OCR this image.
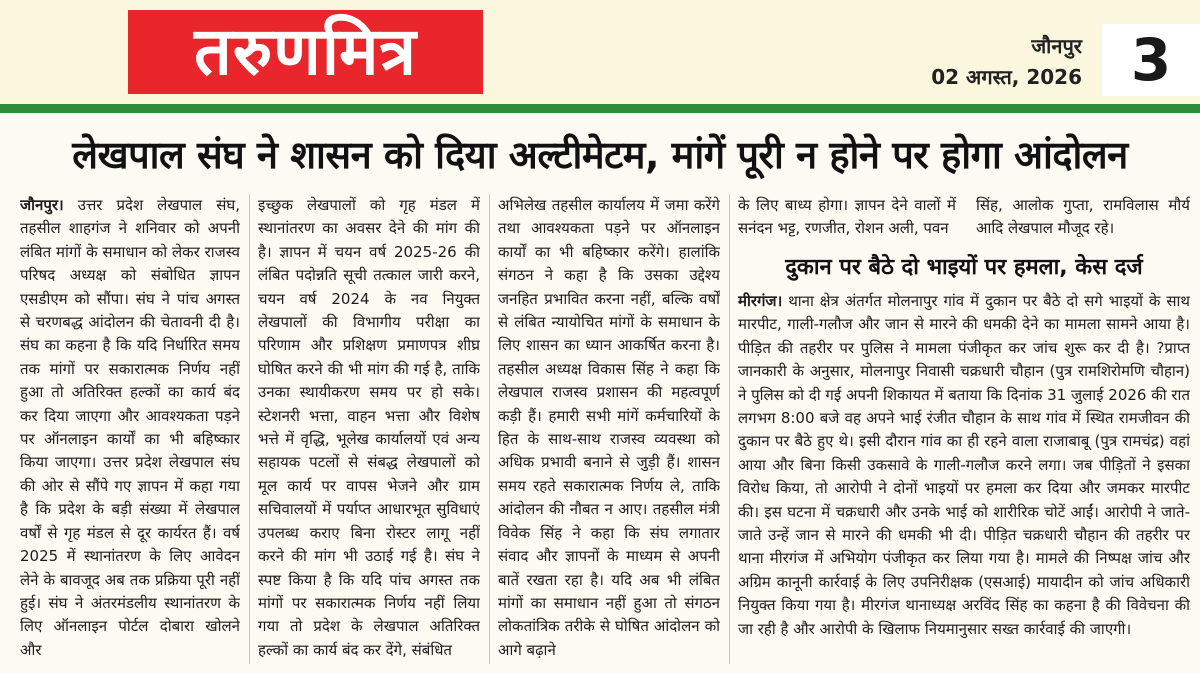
तरुणमित्र	जौनपुर
02 अगस्त, 2026 3
लेखपाल संघ ने शासन को दिया अल्टीमेटम, मांगें पूरी न होने पर होगा आंदोलन

जौनपुर। उत्तर प्रदेश लेखपाल संघ, तहसील शाहगंज ने शनिवार को अपनी लंबित मांगों के समाधान को लेकर राजस्व परिषद अध्यक्ष को संबोधित ज्ञापन एसडीएम को सौंपा। संघ ने पांच अगस्त से चरणबद्ध आंदोलन की चेतावनी दी है। संघ का कहना है कि यदि निर्धारित समय तक मांगों पर सकारात्मक निर्णय नहीं हुआ तो अतिरिक्त हल्कों का कार्य बंद कर दिया जाएगा और आवश्यकता पड़ने पर ऑनलाइन कार्यों का भी बहिष्कार किया जाएगा। उत्तर प्रदेश लेखपाल संघ की ओर से सौंपे गए ज्ञापन में कहा गया है कि प्रदेश के बड़ी संख्या में लेखपाल वर्षों से गृह मंडल से दूर कार्यरत हैं। वर्ष 2025 में स्थानांतरण के लिए आवेदन लेने के बावजूद अब तक प्रक्रिया पूरी नहीं हुई। संघ ने अंतरमंडलीय स्थानांतरण के लिए ऑनलाइन पोर्टल दोबारा खोलने और

इच्छुक लेखपालों को गृह मंडल में स्थानांतरण का अवसर देने की मांग की है। ज्ञापन में चयन वर्ष 2025-26 की लंबित पदोन्नति सूची तत्काल जारी करने, चयन वर्ष 2024 के नव नियुक्त लेखपालों की विभागीय परीक्षा का परिणाम और प्रशिक्षण प्रमाणपत्र शीघ्र घोषित करने की भी मांग की गई है, ताकि उनका स्थायीकरण समय पर हो सके। स्टेशनरी भत्ता, वाहन भत्ता और विशेष भत्ते में वृद्धि, भूलेख कार्यालयों एवं अन्य सहायक पटलों से संबद्ध लेखपालों को मूल कार्य पर वापस भेजने और ग्राम सचिवालयों में पर्याप्त आधारभूत सुविधाएं उपलब्ध कराए बिना रोस्टर लागू नहीं करने की मांग भी उठाई गई है। संघ ने स्पष्ट किया है कि यदि पांच अगस्त तक मांगों पर सकारात्मक निर्णय नहीं लिया गया तो प्रदेश के लेखपाल अतिरिक्त हल्कों का कार्य बंद कर देंगे, संबंधित

अभिलेख तहसील कार्यालय में जमा करेंगे तथा आवश्यकता पड़ने पर ऑनलाइन कार्यों का भी बहिष्कार करेंगे। हालांकि संगठन ने कहा है कि उसका उद्देश्य जनहित प्रभावित करना नहीं, बल्कि वर्षों से लंबित न्यायोचित मांगों के समाधान के लिए शासन का ध्यान आकर्षित करना है। तहसील अध्यक्ष विकास सिंह ने कहा कि लेखपाल राजस्व प्रशासन की महत्वपूर्ण कड़ी हैं। हमारी सभी मांगें कर्मचारियों के हित के साथ-साथ राजस्व व्यवस्था को अधिक प्रभावी बनाने से जुड़ी हैं। शासन समय रहते सकारात्मक निर्णय ले, ताकि आंदोलन की नौबत न आए। तहसील मंत्री विवेक सिंह ने कहा कि संघ लगातार संवाद और ज्ञापनों के माध्यम से अपनी बातें रखता रहा है। यदि अब भी लंबित मांगों का समाधान नहीं हुआ तो संगठन लोकतांत्रिक तरीके से घोषित आंदोलन को आगे बढ़ाने

के लिए बाध्य होगा। ज्ञापन देने वालों में सनंदन भट्ट, रणजीत, रोशन अली, पवन

सिंह, आलोक गुप्ता, रामविलास मौर्य आदि लेखपाल मौजूद रहे।

दुकान पर बैठे दो भाइयों पर हमला, केस दर्ज

मीरगंज। थाना क्षेत्र अंतर्गत मोलनापुर गांव में दुकान पर बैठे दो सगे भाइयों के साथ मारपीट, गाली-गलौज और जान से मारने की धमकी देने का मामला सामने आया है। पीड़ित की तहरीर पर पुलिस ने मामला पंजीकृत कर जांच शुरू कर दी है। ?प्राप्त जानकारी के अनुसार, मोलनापुर निवासी चक्रधारी चौहान (पुत्र रामशिरोमणि चौहान) ने पुलिस को दी गई अपनी शिकायत में बताया कि दिनांक 31 जुलाई 2026 की रात लगभग 8:00 बजे वह अपने भाई रंजीत चौहान के साथ गांव में स्थित रामजीवन की दुकान पर बैठे हुए थे। इसी दौरान गांव का ही रहने वाला राजाबाबू (पुत्र रामचंद्र) वहां आया और बिना किसी उकसावे के गाली-गलौज करने लगा। जब पीड़ितों ने इसका विरोध किया, तो आरोपी ने दोनों भाइयों पर हमला कर दिया और जमकर मारपीट की। इस घटना में चक्रधारी और उनके भाई को शारीरिक चोटें आईं। आरोपी ने जाते-जाते उन्हें जान से मारने की धमकी भी दी। पीड़ित चक्रधारी चौहान की तहरीर पर थाना मीरगंज में अभियोग पंजीकृत कर लिया गया है। मामले की निष्पक्ष जांच और अग्रिम कानूनी कार्रवाई के लिए उपनिरीक्षक (एसआई) मायादीन को जांच अधिकारी नियुक्त किया गया है। मीरगंज थानाध्यक्ष अरविंद सिंह का कहना है की विवेचना की जा रही है और आरोपी के खिलाफ नियमानुसार सख्त कार्रवाई की जाएगी।
